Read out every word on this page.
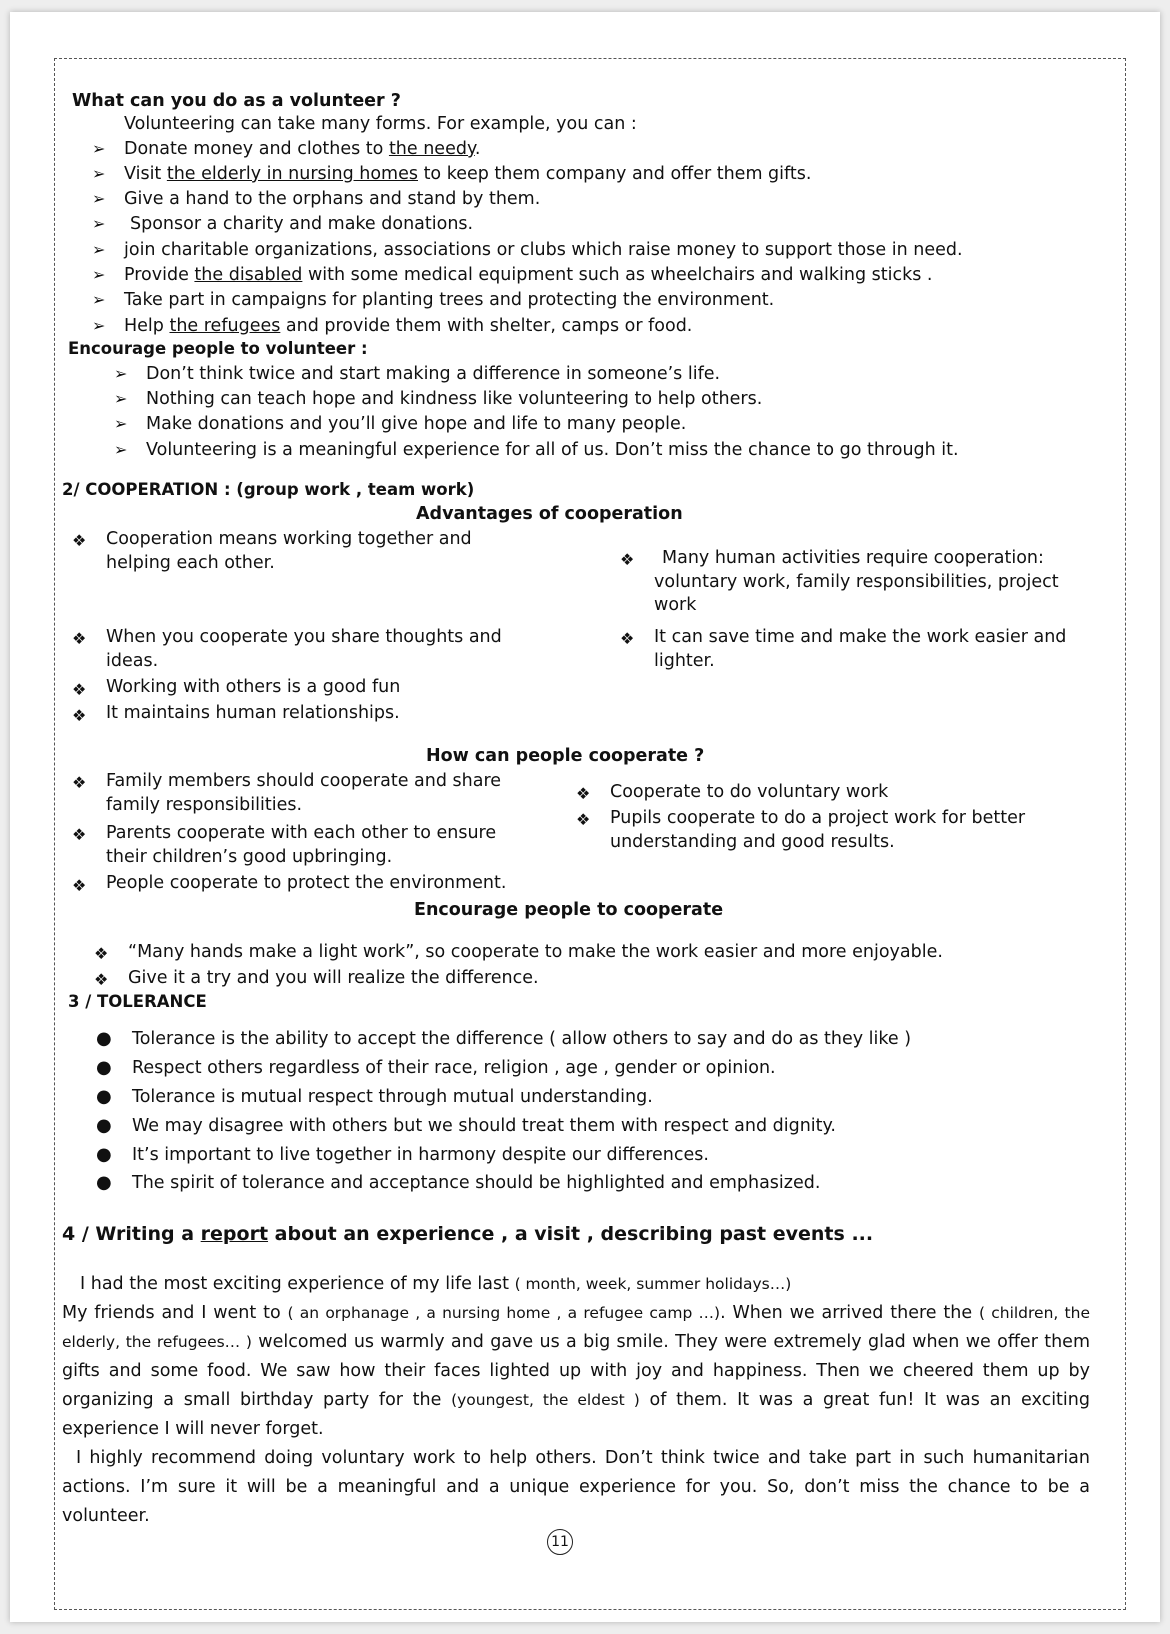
What can you do as a volunteer ?
Volunteering can take many forms. For example, you can :
➢ Donate money and clothes to the needy.
➢ Visit the elderly in nursing homes to keep them company and offer them gifts.
➢ Give a hand to the orphans and stand by them.
➢ Sponsor a charity and make donations.
➢ join charitable organizations, associations or clubs which raise money to support those in need.
➢ Provide the disabled with some medical equipment such as wheelchairs and walking sticks .
➢ Take part in campaigns for planting trees and protecting the environment.
➢ Help the refugees and provide them with shelter, camps or food.
Encourage people to volunteer :
➢ Don’t think twice and start making a difference in someone’s life.
➢ Nothing can teach hope and kindness like volunteering to help others.
➢ Make donations and you’ll give hope and life to many people.
➢ Volunteering is a meaningful experience for all of us. Don’t miss the chance to go through it.
2/ COOPERATION : (group work , team work)
Advantages of cooperation
❖ Cooperation means working together and helping each other.
❖ When you cooperate you share thoughts and ideas.
❖ Working with others is a good fun
❖ It maintains human relationships.
❖	Many human activities require cooperation: voluntary work, family responsibilities, project work
❖ It can save time and make the work easier and lighter.
How can people cooperate ?
❖ Family members should cooperate and share family responsibilities.
❖ Parents cooperate with each other to ensure their children’s good upbringing.
❖ People cooperate to protect the environment.
❖ Cooperate to do voluntary work
❖ Pupils cooperate to do a project work for better understanding and good results.
Encourage people to cooperate
❖ “Many hands make a light work”, so cooperate to make the work easier and more enjoyable.
❖ Give it a try and you will realize the difference.
3 / TOLERANCE
● Tolerance is the ability to accept the difference ( allow others to say and do as they like )
● Respect others regardless of their race, religion , age , gender or opinion.
● Tolerance is mutual respect through mutual understanding.
● We may disagree with others but we should treat them with respect and dignity.
● It’s important to live together in harmony despite our differences.
● The spirit of tolerance and acceptance should be highlighted and emphasized.
4 / Writing a report about an experience , a visit , describing past events ...
I had the most exciting experience of my life last ( month, week, summer holidays…)
My friends and I went to ( an orphanage , a nursing home , a refugee camp …). When we arrived there the ( children, the elderly, the refugees… ) welcomed us warmly and gave us a big smile. They were extremely glad when we offer them gifts and some food. We saw how their faces lighted up with joy and happiness. Then we cheered them up by organizing a small birthday party for the (youngest, the eldest ) of them. It was a great fun! It was an exciting experience I will never forget.
I highly recommend doing voluntary work to help others. Don’t think twice and take part in such humanitarian actions. I’m sure it will be a meaningful and a unique experience for you. So, don’t miss the chance to be a volunteer.
11
